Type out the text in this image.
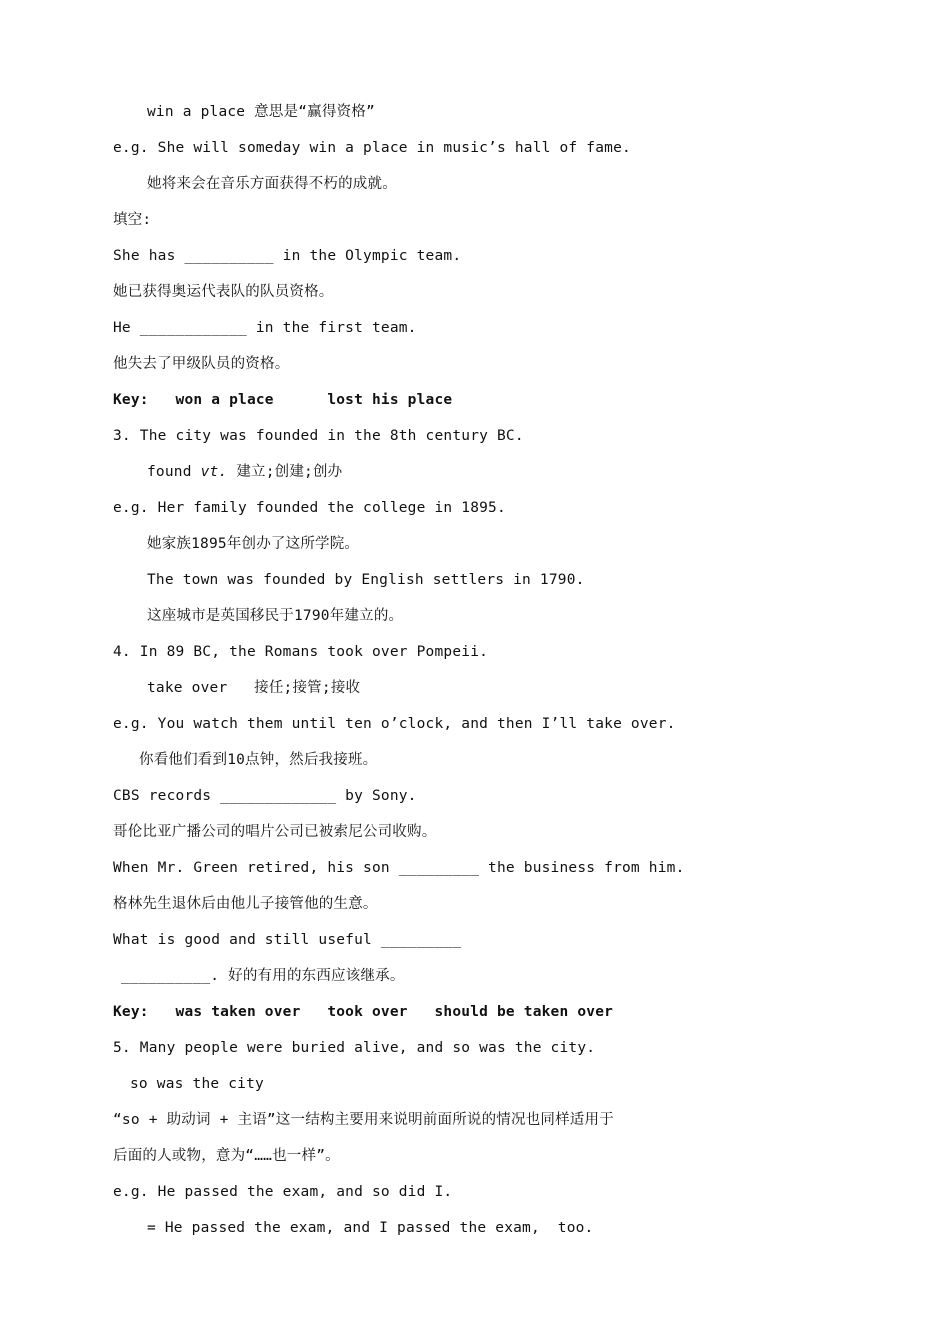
win a place 意思是“赢得资格”
e.g. She will someday win a place in music’s hall of fame.
她将来会在音乐方面获得不朽的成就。
填空:
She has __________ in the Olympic team.
她已获得奥运代表队的队员资格。
He ____________ in the first team.
他失去了甲级队员的资格。
Key:   won a place      lost his place
3. The city was founded in the 8th century BC.
found vt. 建立;创建;创办
e.g. Her family founded the college in 1895.
她家族1895年创办了这所学院。
The town was founded by English settlers in 1790.
这座城市是英国移民于1790年建立的。
4. In 89 BC, the Romans took over Pompeii.
take over   接任;接管;接收
e.g. You watch them until ten o’clock, and then I’ll take over.
你看他们看到10点钟，然后我接班。
CBS records _____________ by Sony.
哥伦比亚广播公司的唱片公司已被索尼公司收购。
When Mr. Green retired, his son _________ the business from him.
格林先生退休后由他儿子接管他的生意。
What is good and still useful _________
__________. 好的有用的东西应该继承。
Key:   was taken over   took over   should be taken over
5. Many people were buried alive, and so was the city.
so was the city
“so + 助动词 + 主语”这一结构主要用来说明前面所说的情况也同样适用于
后面的人或物，意为“……也一样”。
e.g. He passed the exam, and so did I.
= He passed the exam, and I passed the exam,  too.
